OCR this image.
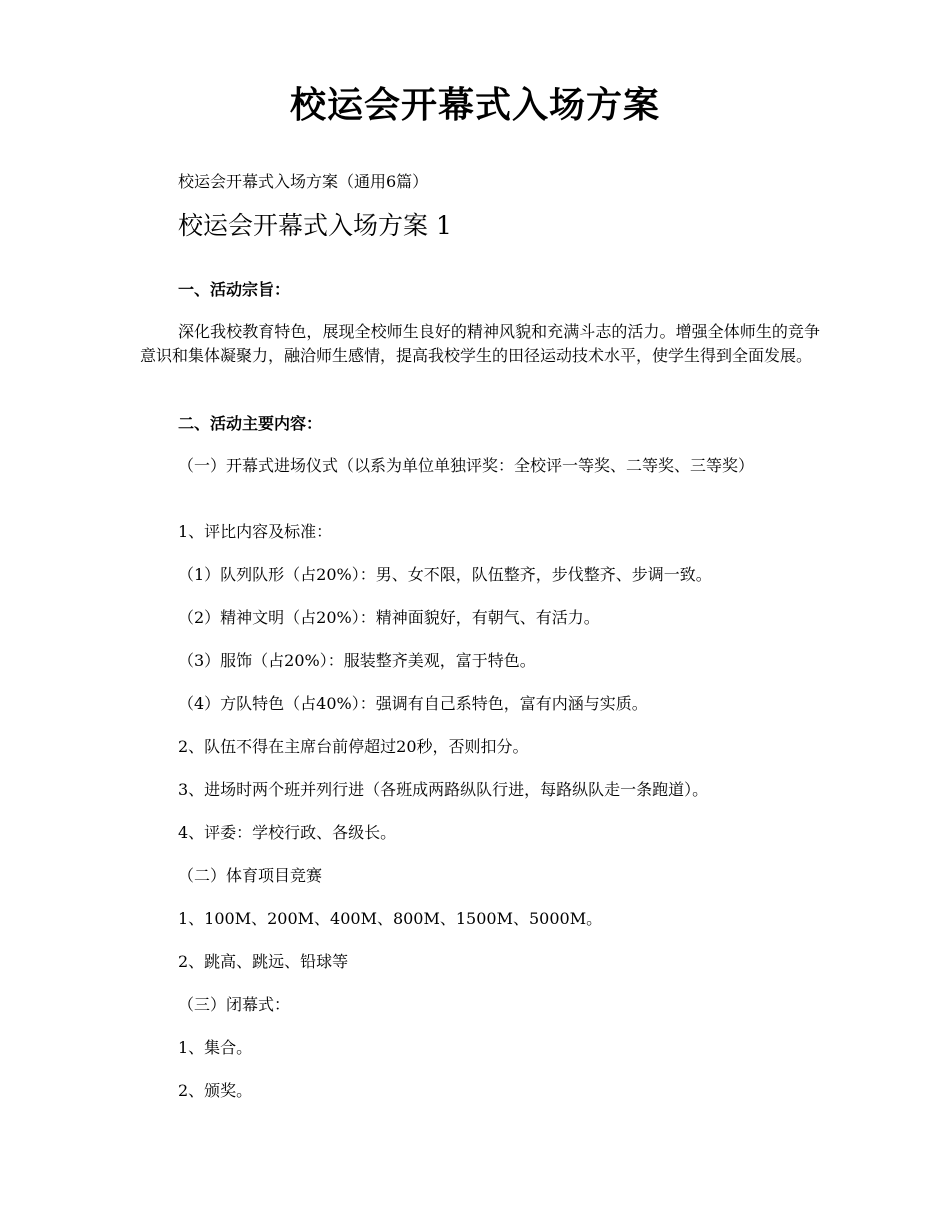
校运会开幕式入场方案
校运会开幕式入场方案（通用6篇）
校运会开幕式入场方案 1
一、活动宗旨：
深化我校教育特色，展现全校师生良好的精神风貌和充满斗志的活力。增强全体师生的竞争意识和集体凝聚力，融洽师生感情，提高我校学生的田径运动技术水平，使学生得到全面发展。
二、活动主要内容：
（一）开幕式进场仪式（以系为单位单独评奖：全校评一等奖、二等奖、三等奖）
1、评比内容及标准：
（1）队列队形（占20%）：男、女不限，队伍整齐，步伐整齐、步调一致。
（2）精神文明（占20%）：精神面貌好，有朝气、有活力。
（3）服饰（占20%）：服装整齐美观，富于特色。
（4）方队特色（占40%）：强调有自己系特色，富有内涵与实质。
2、队伍不得在主席台前停超过20秒，否则扣分。
3、进场时两个班并列行进（各班成两路纵队行进，每路纵队走一条跑道）。
4、评委：学校行政、各级长。
（二）体育项目竞赛
1、100M、200M、400M、800M、1500M、5000M。
2、跳高、跳远、铅球等
（三）闭幕式：
1、集合。
2、颁奖。
